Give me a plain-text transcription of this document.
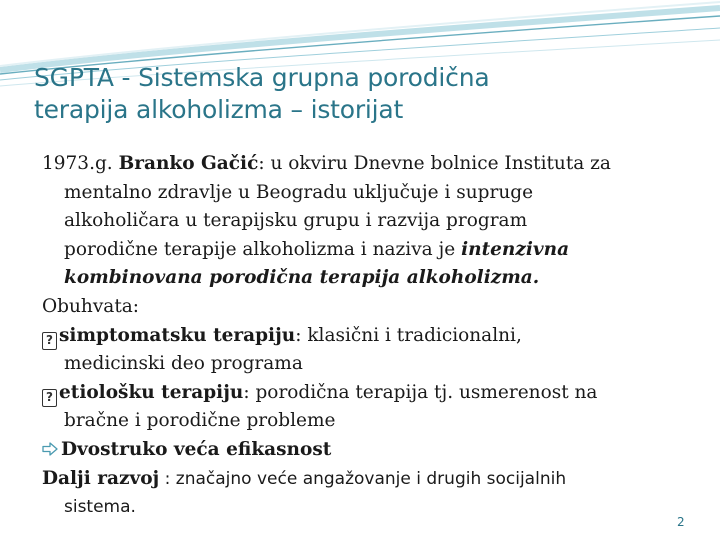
SGPTA - Sistemska grupna porodična
terapija alkoholizma – istorijat
1973.g. Branko Gačić: u okviru Dnevne bolnice Instituta za
mentalno zdravlje u Beogradu uključuje i supruge
alkoholičara u terapijsku grupu i razvija program
porodične terapije alkoholizma i naziva je intenzivna
kombinovana porodična terapija alkoholizma.
Obuhvata:
? simptomatsku terapiju: klasični i tradicionalni,
medicinski deo programa
? etiološku terapiju: porodična terapija tj. usmerenost na
bračne i porodične probleme
Dvostruko veća efikasnost
Dalji razvoj : značajno veće angažovanje i drugih socijalnih
sistema.
2
